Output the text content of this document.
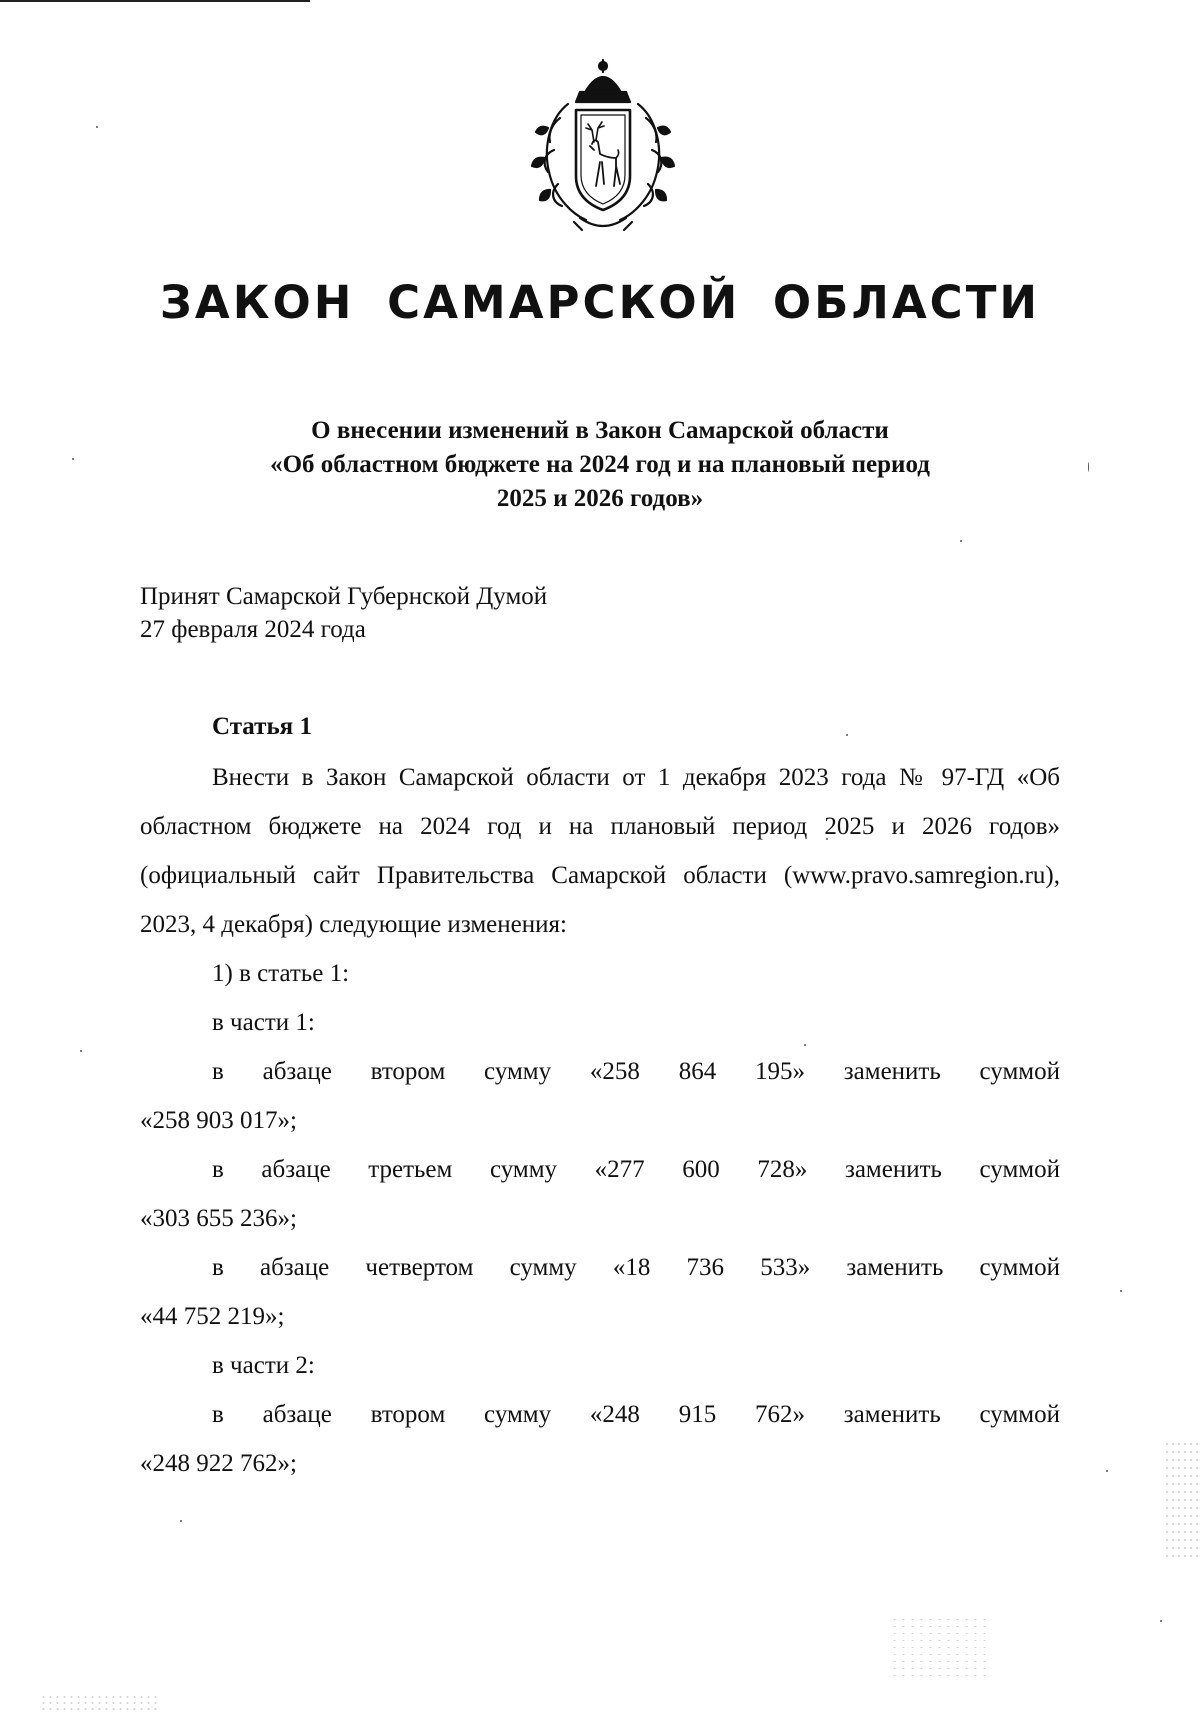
ЗАКОН САМАРСКОЙ ОБЛАСТИ
О внесении изменений в Закон Самарской области
«Об областном бюджете на 2024 год и на плановый период
2025 и 2026 годов»

Принят Самарской Губернской Думой
27 февраля 2024 года

Статья 1

Внести в Закон Самарской области от 1 декабря 2023 года № 97-ГД «Об областном бюджете на 2024 год и на плановый период 2025 и 2026 годов» (официальный сайт Правительства Самарской области (www.pravo.samregion.ru), 2023, 4 декабря) следующие изменения:

1) в статье 1:

в части 1:

в абзаце втором сумму «258 864 195» заменить суммой

«258 903 017»;

в абзаце третьем сумму «277 600 728» заменить суммой

«303 655 236»;

в абзаце четвертом сумму «18 736 533» заменить суммой

«44 752 219»;

в части 2:

в абзаце втором сумму «248 915 762» заменить суммой

«248 922 762»;
